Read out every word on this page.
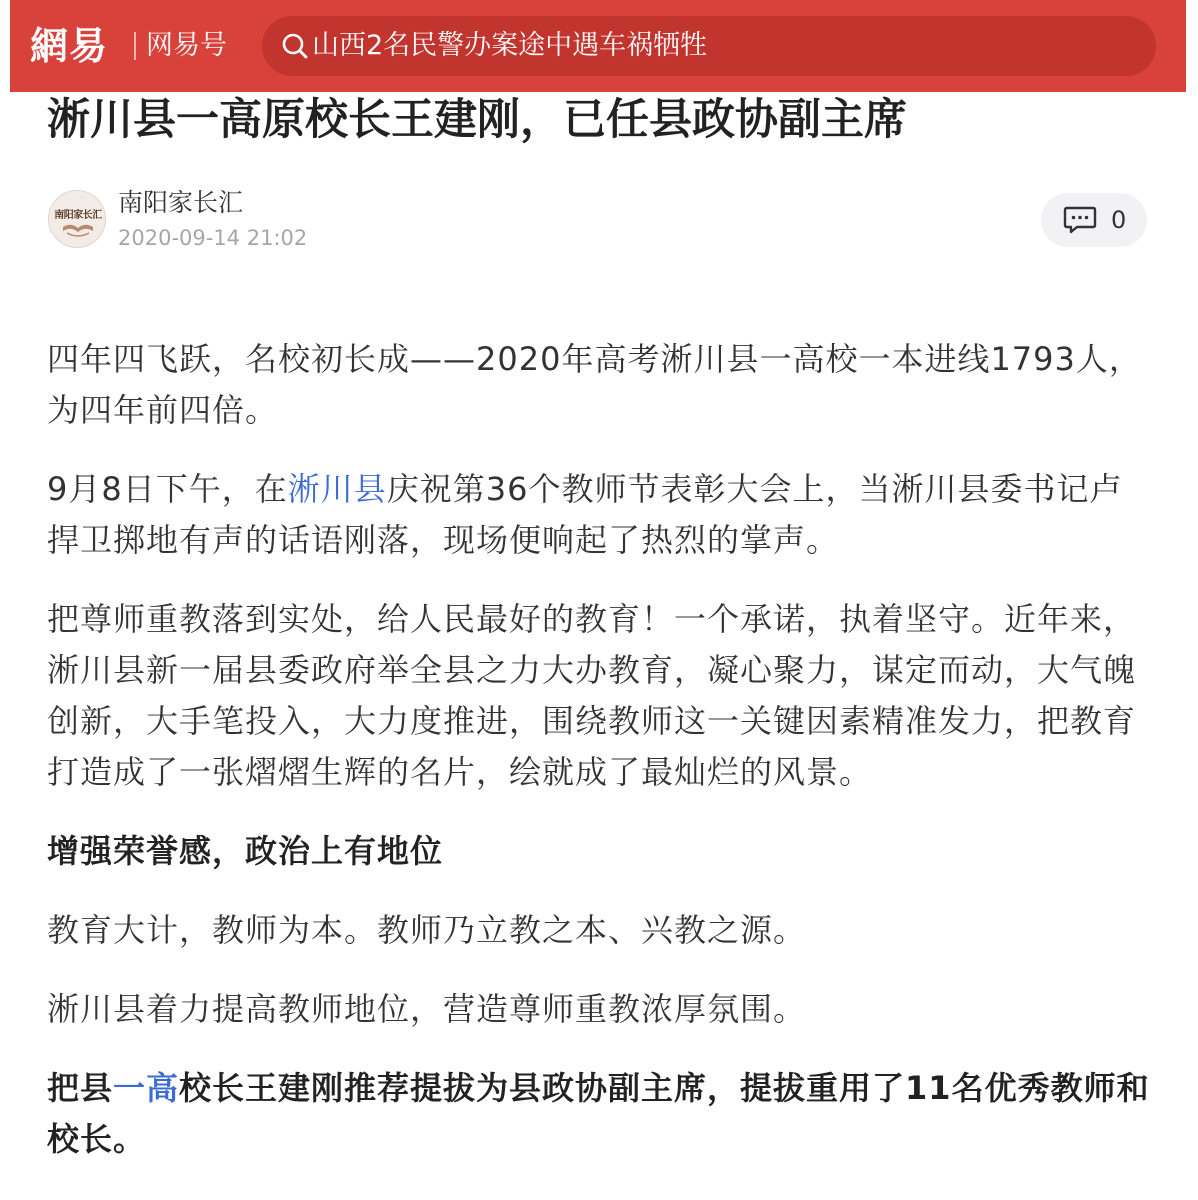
網易 网易号	山西2名民警办案途中遇车祸牺牲
淅川县一高原校长王建刚，已任县政协副主席
南阳家长汇 南阳家长汇
2020-09-14 21:02
0

四年四飞跃，名校初长成——2020年高考淅川县一高校一本进线1793人，为四年前四倍。

9月8日下午，在淅川县庆祝第36个教师节表彰大会上，当淅川县委书记卢捍卫掷地有声的话语刚落，现场便响起了热烈的掌声。

把尊师重教落到实处，给人民最好的教育！一个承诺，执着坚守。近年来，淅川县新一届县委政府举全县之力大办教育，凝心聚力，谋定而动，大气魄创新，大手笔投入，大力度推进，围绕教师这一关键因素精准发力，把教育打造成了一张熠熠生辉的名片，绘就成了最灿烂的风景。

增强荣誉感，政治上有地位

教育大计，教师为本。教师乃立教之本、兴教之源。

淅川县着力提高教师地位，营造尊师重教浓厚氛围。

把县一高校长王建刚推荐提拔为县政协副主席，提拔重用了11名优秀教师和校长。
